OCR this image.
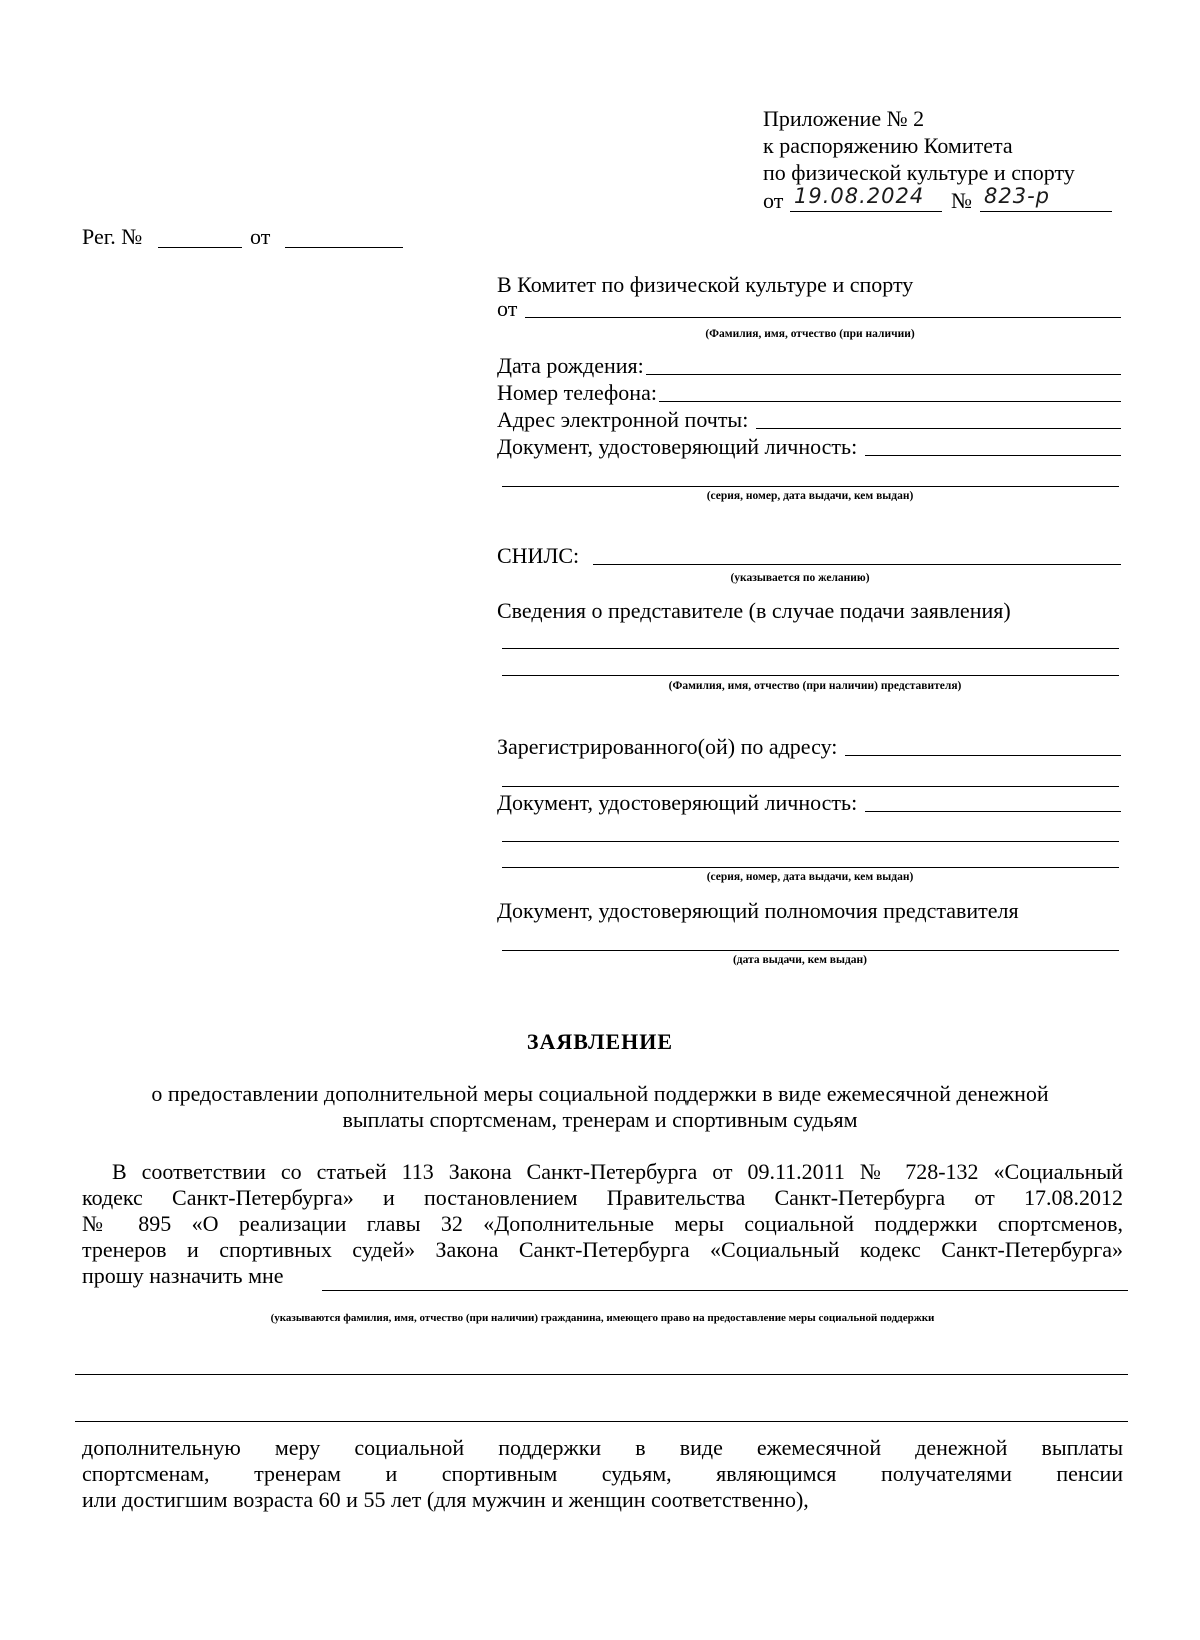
Приложение № 2
к распоряжению Комитета
по физической культуре и спорту
от 19.08.2024 № 823-р
Рег. №	от
В Комитет по физической культуре и спорту
от
(Фамилия, имя, отчество (при наличии)
Дата рождения:
Номер телефона:
Адрес электронной почты:
Документ, удостоверяющий личность:
(серия, номер, дата выдачи, кем выдан)
СНИЛС:
(указывается по желанию)
Сведения о представителе (в случае подачи заявления)
(Фамилия, имя, отчество (при наличии) представителя)
Зарегистрированного(ой) по адресу:
Документ, удостоверяющий личность:
(серия, номер, дата выдачи, кем выдан)
Документ, удостоверяющий полномочия представителя
(дата выдачи, кем выдан)
ЗАЯВЛЕНИЕ
о предоставлении дополнительной меры социальной поддержки в виде ежемесячной денежной
выплаты спортсменам, тренерам и спортивным судьям
В соответствии со статьей 113 Закона Санкт-Петербурга от 09.11.2011 № 728-132 «Социальный
кодекс Санкт-Петербурга» и постановлением Правительства Санкт-Петербурга от 17.08.2012
№ 895 «О реализации главы 32 «Дополнительные меры социальной поддержки спортсменов,
тренеров и спортивных судей» Закона Санкт-Петербурга «Социальный кодекс Санкт-Петербурга»
прошу назначить мне
(указываются фамилия, имя, отчество (при наличии) гражданина, имеющего право на предоставление меры социальной поддержки
дополнительную меру социальной поддержки в виде ежемесячной денежной выплаты
спортсменам, тренерам и спортивным судьям, являющимся получателями пенсии
или достигшим возраста 60 и 55 лет (для мужчин и женщин соответственно),
